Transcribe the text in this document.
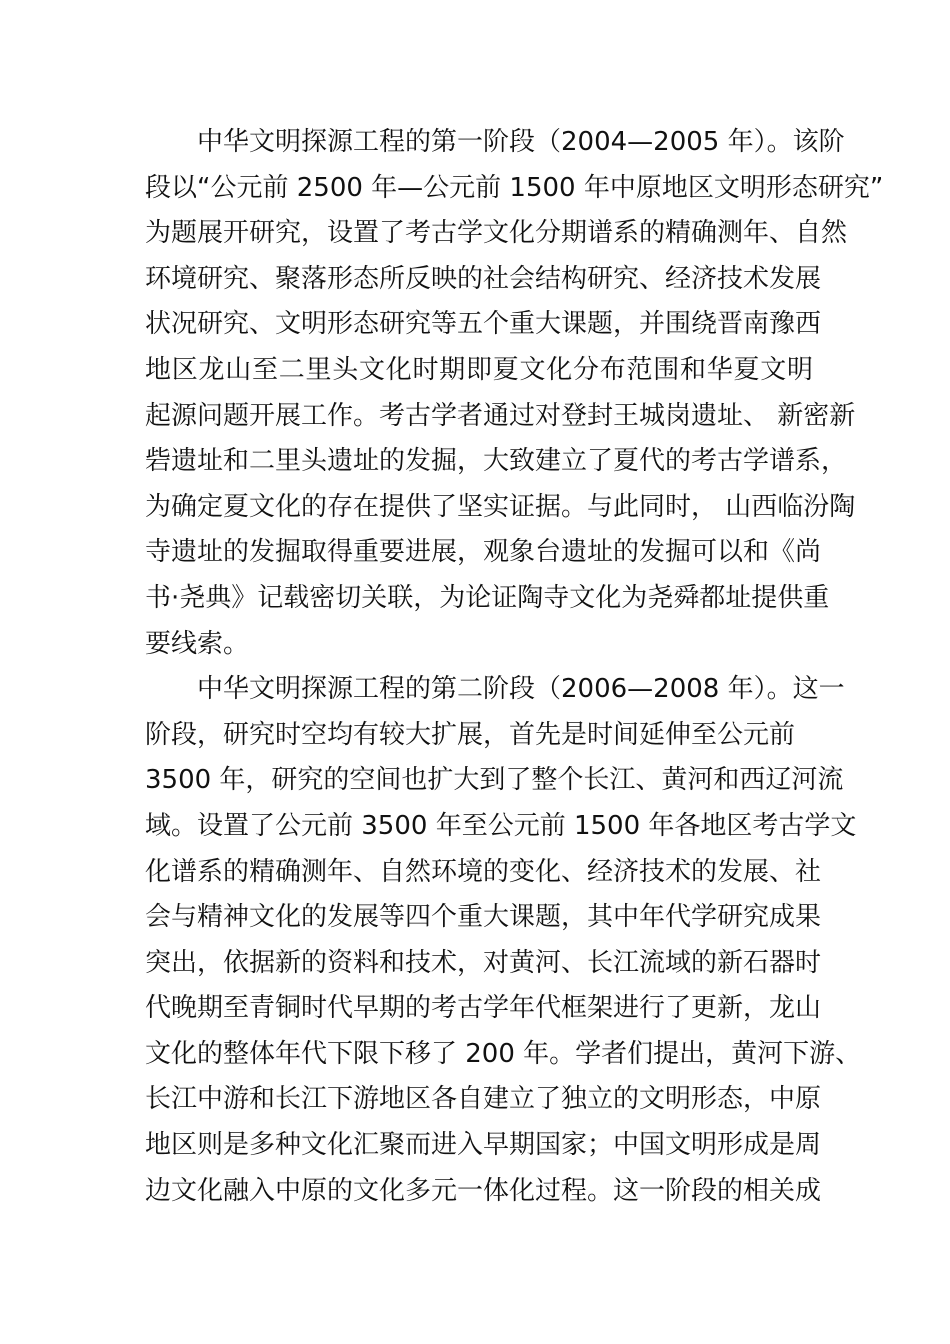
中华文明探源工程的第一阶段（2004—2005 年）。该阶
段以“公元前 2500 年—公元前 1500 年中原地区文明形态研究”
为题展开研究，设置了考古学文化分期谱系的精确测年、自然
环境研究、聚落形态所反映的社会结构研究、经济技术发展
状况研究、文明形态研究等五个重大课题，并围绕晋南豫西
地区龙山至二里头文化时期即夏文化分布范围和华夏文明
起源问题开展工作。考古学者通过对登封王城岗遗址、 新密新
砦遗址和二里头遗址的发掘，大致建立了夏代的考古学谱系，
为确定夏文化的存在提供了坚实证据。与此同时， 山西临汾陶
寺遗址的发掘取得重要进展，观象台遗址的发掘可以和《尚
书·尧典》记载密切关联，为论证陶寺文化为尧舜都址提供重
要线索。
中华文明探源工程的第二阶段（2006—2008 年）。这一
阶段，研究时空均有较大扩展，首先是时间延伸至公元前
3500 年，研究的空间也扩大到了整个长江、黄河和西辽河流
域。设置了公元前 3500 年至公元前 1500 年各地区考古学文
化谱系的精确测年、自然环境的变化、经济技术的发展、社
会与精神文化的发展等四个重大课题，其中年代学研究成果
突出，依据新的资料和技术，对黄河、长江流域的新石器时
代晚期至青铜时代早期的考古学年代框架进行了更新，龙山
文化的整体年代下限下移了 200 年。学者们提出，黄河下游、
长江中游和长江下游地区各自建立了独立的文明形态，中原
地区则是多种文化汇聚而进入早期国家；中国文明形成是周
边文化融入中原的文化多元一体化过程。这一阶段的相关成
